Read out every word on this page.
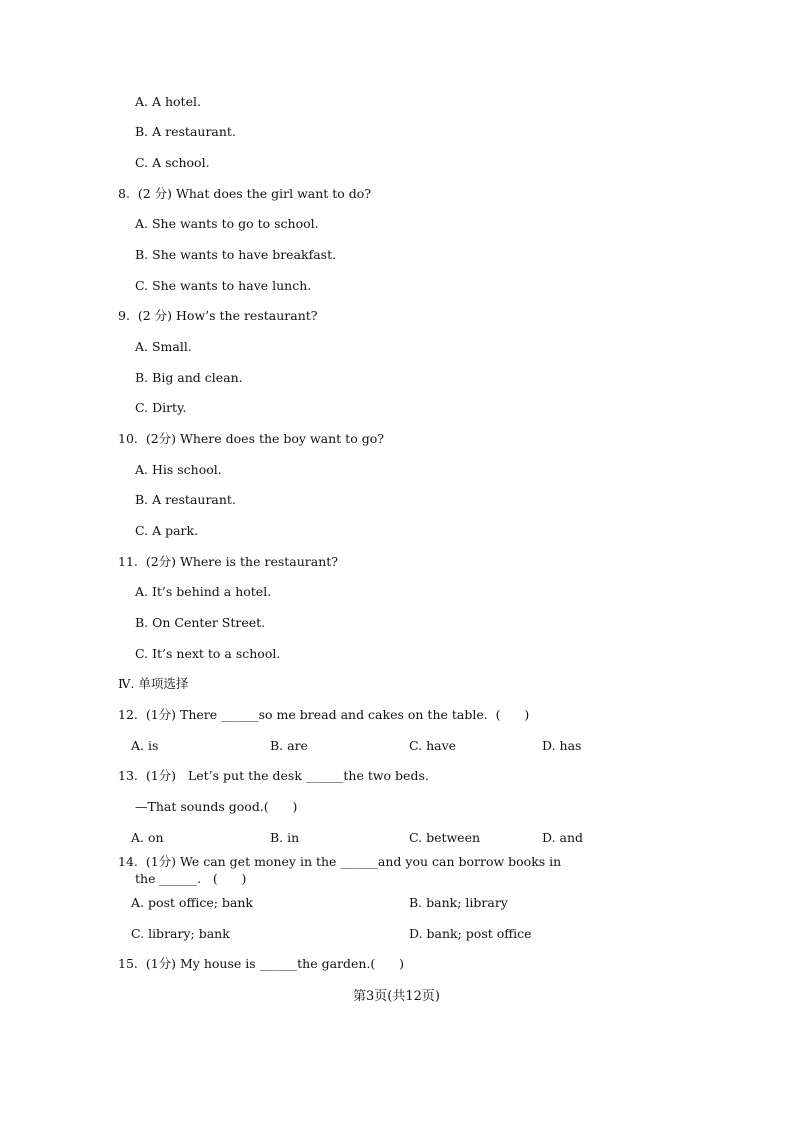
A. A hotel.
B. A restaurant.
C. A school.
8.  (2 分) What does the girl want to do?
A. She wants to go to school.
B. She wants to have breakfast.
C. She wants to have lunch.
9.  (2 分) How’s the restaurant?
A. Small.
B. Big and clean.
C. Dirty.
10.  (2分) Where does the boy want to go?
A. His school.
B. A restaurant.
C. A park.
11.  (2分) Where is the restaurant?
A. It’s behind a hotel.
B. On Center Street.
C. It’s next to a school.
Ⅳ. 单项选择
12.  (1分) There ______so me bread and cakes on the table.  (      )
A. is	B. are	C. have	D. has
13.  (1分)   Let’s put the desk ______the two beds.
—That sounds good.(      )
A. on	B. in	C. between	D. and
14.  (1分) We can get money in the ______and you can borrow books in
the ______.   (      )
A. post office; bank	B. bank; library
C. library; bank	D. bank; post office
15.  (1分) My house is ______the garden.(      )
第3页(共12页)
